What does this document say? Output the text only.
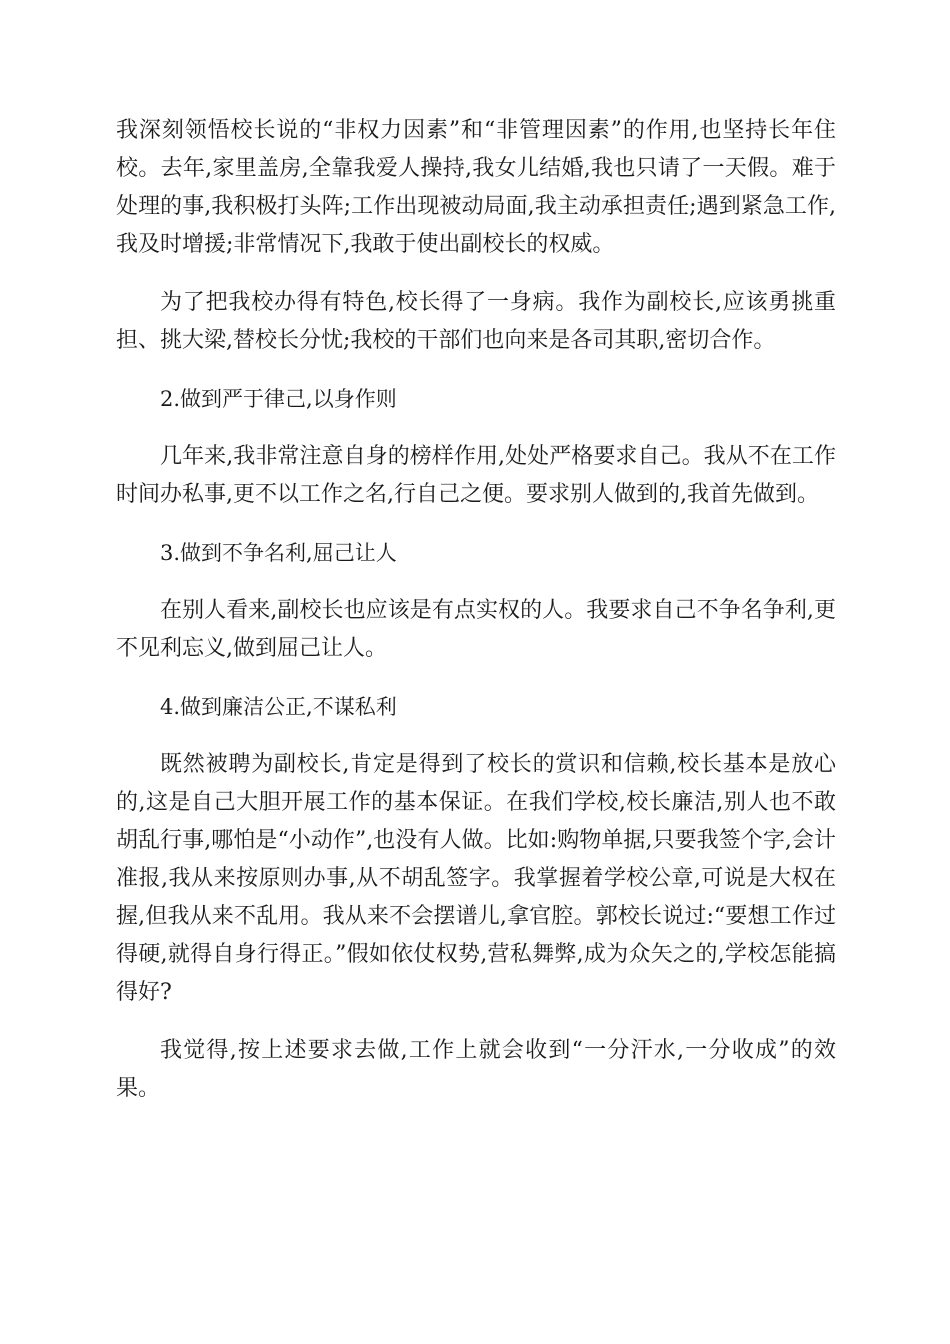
我深刻领悟校长说的“非权力因素”和“非管理因素”的作用,也坚持长年住校。去年,家里盖房,全靠我爱人操持,我女儿结婚,我也只请了一天假。难于处理的事,我积极打头阵;工作出现被动局面,我主动承担责任;遇到紧急工作,我及时增援;非常情况下,我敢于使出副校长的权威。

为了把我校办得有特色,校长得了一身病。我作为副校长,应该勇挑重担、挑大梁,替校长分忧;我校的干部们也向来是各司其职,密切合作。

2.做到严于律己,以身作则

几年来,我非常注意自身的榜样作用,处处严格要求自己。我从不在工作时间办私事,更不以工作之名,行自己之便。要求别人做到的,我首先做到。

3.做到不争名利,屈己让人

在别人看来,副校长也应该是有点实权的人。我要求自己不争名争利,更不见利忘义,做到屈己让人。

4.做到廉洁公正,不谋私利

既然被聘为副校长,肯定是得到了校长的赏识和信赖,校长基本是放心的,这是自己大胆开展工作的基本保证。在我们学校,校长廉洁,别人也不敢胡乱行事,哪怕是“小动作”,也没有人做。比如:购物单据,只要我签个字,会计准报,我从来按原则办事,从不胡乱签字。我掌握着学校公章,可说是大权在握,但我从来不乱用。我从来不会摆谱儿,拿官腔。郭校长说过:“要想工作过得硬,就得自身行得正。”假如依仗权势,营私舞弊,成为众矢之的,学校怎能搞得好?

我觉得,按上述要求去做,工作上就会收到“一分汗水,一分收成”的效果。
